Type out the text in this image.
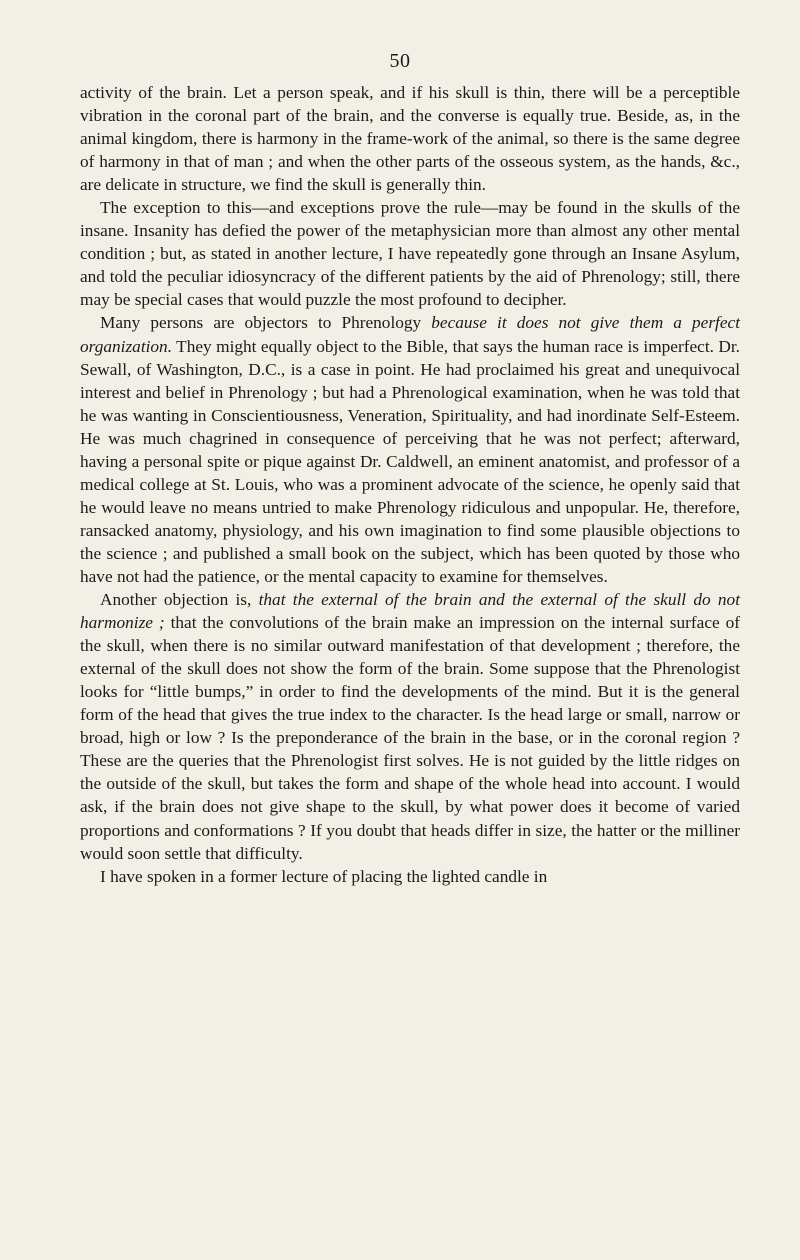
50

activity of the brain. Let a person speak, and if his skull is thin, there will be a perceptible vibration in the coronal part of the brain, and the converse is equally true. Beside, as, in the animal kingdom, there is harmony in the frame-work of the animal, so there is the same degree of harmony in that of man ; and when the other parts of the osseous system, as the hands, &c., are delicate in structure, we find the skull is generally thin.

The exception to this—and exceptions prove the rule—may be found in the skulls of the insane. Insanity has defied the power of the metaphysician more than almost any other mental condition ; but, as stated in another lecture, I have repeatedly gone through an Insane Asylum, and told the peculiar idiosyncracy of the different patients by the aid of Phrenology; still, there may be special cases that would puzzle the most profound to decipher.

Many persons are objectors to Phrenology because it does not give them a perfect organization. They might equally object to the Bible, that says the human race is imperfect. Dr. Sewall, of Washington, D.C., is a case in point. He had proclaimed his great and unequivocal interest and belief in Phrenology ; but had a Phrenological examination, when he was told that he was wanting in Conscientiousness, Veneration, Spirituality, and had inordinate Self-Esteem. He was much chagrined in consequence of perceiving that he was not perfect; afterward, having a personal spite or pique against Dr. Caldwell, an eminent anatomist, and professor of a medical college at St. Louis, who was a prominent advocate of the science, he openly said that he would leave no means untried to make Phrenology ridiculous and unpopular. He, therefore, ransacked anatomy, physiology, and his own imagination to find some plausible objections to the science ; and published a small book on the subject, which has been quoted by those who have not had the patience, or the mental capacity to examine for themselves.

Another objection is, that the external of the brain and the external of the skull do not harmonize ; that the convolutions of the brain make an impression on the internal surface of the skull, when there is no similar outward manifestation of that development ; therefore, the external of the skull does not show the form of the brain. Some suppose that the Phrenologist looks for “little bumps,” in order to find the developments of the mind. But it is the general form of the head that gives the true index to the character. Is the head large or small, narrow or broad, high or low ? Is the preponderance of the brain in the base, or in the coronal region ? These are the queries that the Phrenologist first solves. He is not guided by the little ridges on the outside of the skull, but takes the form and shape of the whole head into account. I would ask, if the brain does not give shape to the skull, by what power does it become of varied proportions and conformations ? If you doubt that heads differ in size, the hatter or the milliner would soon settle that difficulty.

I have spoken in a former lecture of placing the lighted candle in
